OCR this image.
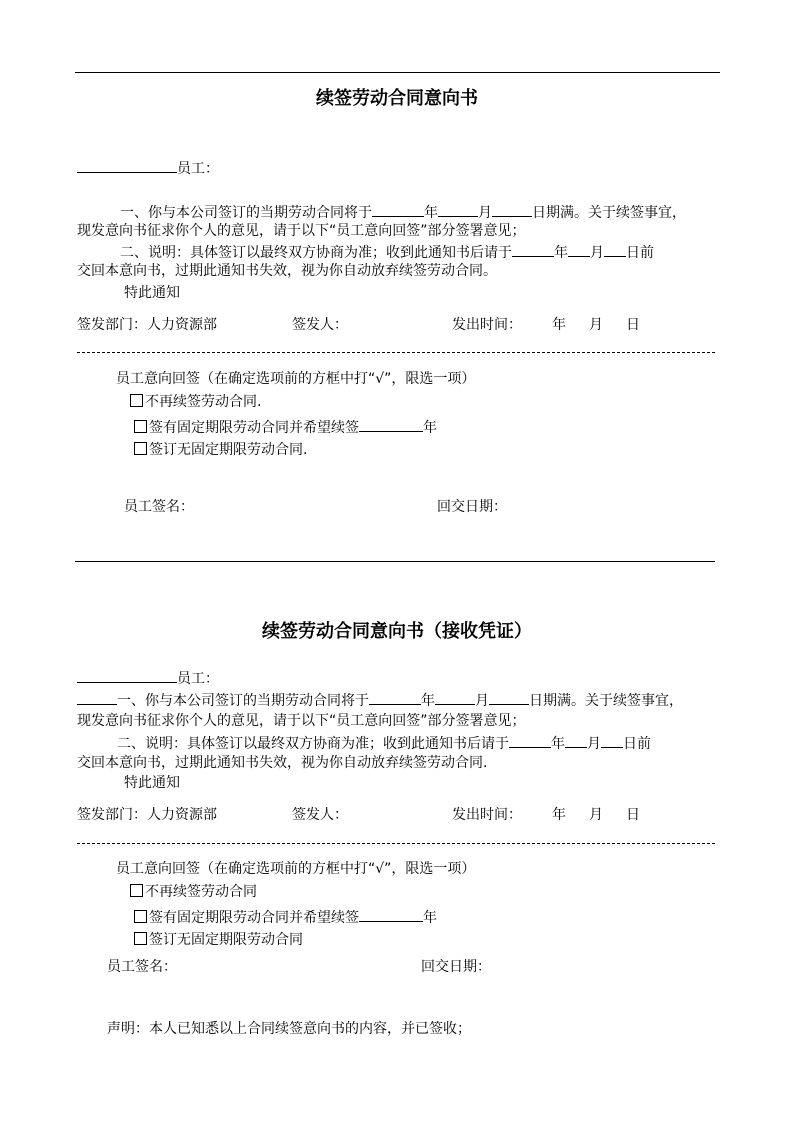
续签劳动合同意向书
员工：
一、你与本公司签订的当期劳动合同将于	年	月	日期满。关于续签事宜，
现发意向书征求你个人的意见，请于以下“员工意向回签”部分签署意见；
二、说明：具体签订以最终双方协商为准；收到此通知书后请于	年 月 日前
交回本意向书，过期此通知书失效，视为你自动放弃续签劳动合同。
特此通知
签发部门：人力资源部	签发人：	发出时间： 年 月 日
员工意向回签（在确定选项前的方框中打“√”，限选一项）
不再续签劳动合同.
签有固定期限劳动合同并希望续签	年
签订无固定期限劳动合同.
员工签名：	回交日期：
续签劳动合同意向书（接收凭证）
员工：
一、你与本公司签订的当期劳动合同将于	年	月	日期满。关于续签事宜，
现发意向书征求你个人的意见，请于以下“员工意向回签”部分签署意见；
二、说明：具体签订以最终双方协商为准；收到此通知书后请于	年 月 日前
交回本意向书，过期此通知书失效，视为你自动放弃续签劳动合同.
特此通知
签发部门：人力资源部	签发人：	发出时间： 年 月 日
员工意向回签（在确定选项前的方框中打“√”，限选一项）
不再续签劳动合同
签有固定期限劳动合同并希望续签	年
签订无固定期限劳动合同
员工签名：	回交日期：
声明：本人已知悉以上合同续签意向书的内容，并已签收；
